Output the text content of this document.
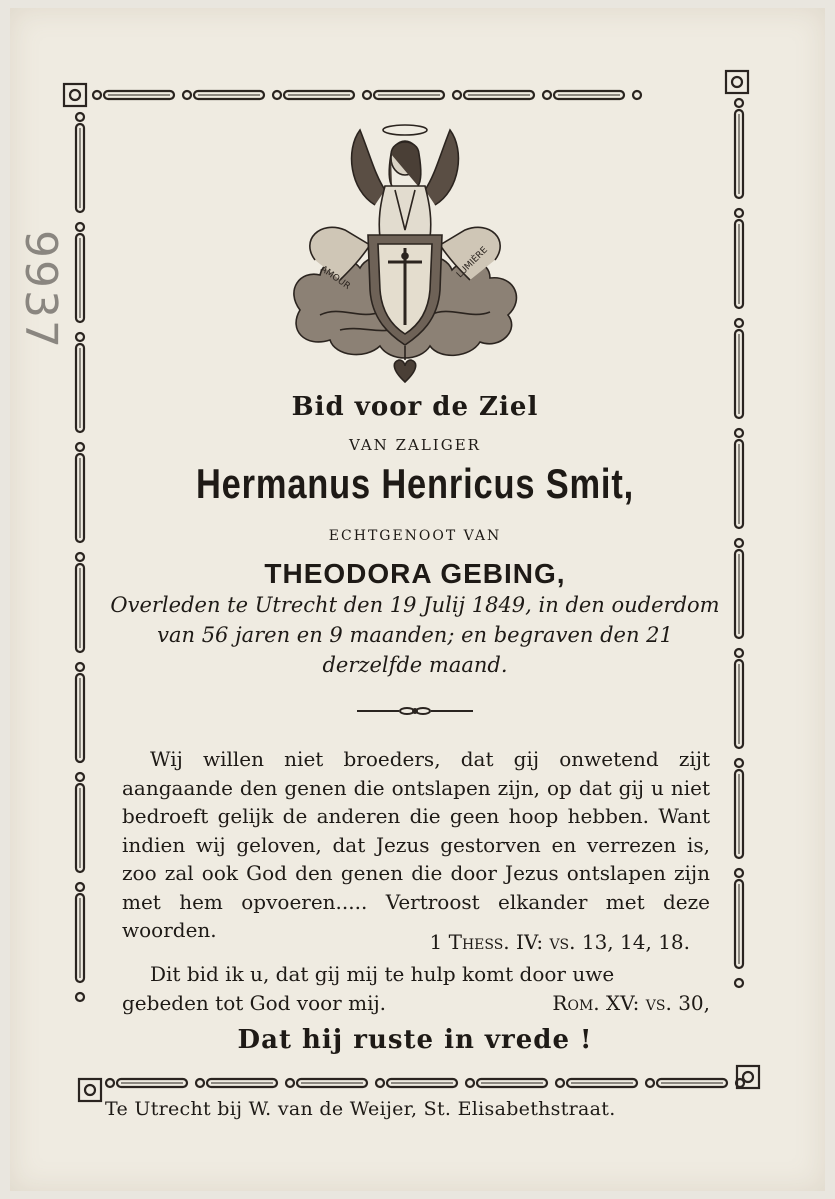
9937	AMOUR	LUMIÈRE
Bid voor de Ziel
VAN ZALIGER
Hermanus Henricus Smit,
ECHTGENOOT VAN
THEODORA GEBING,
Overleden te Utrecht den 19 Julij 1849, in den ouderdom van 56 jaren en 9 maanden; en begraven den 21 derzelfde maand.
Wij willen niet broeders, dat gij onwetend zijt aangaande den genen die ontslapen zijn, op dat gij u niet bedroeft gelijk de anderen die geen hoop hebben. Want indien wij geloven, dat Jezus gestorven en verrezen is, zoo zal ook God den genen die door Jezus ontslapen zijn met hem opvoeren..... Vertroost elkander met deze woorden.	1 Thess. IV: vs. 13, 14, 18.
Dit bid ik u, dat gij mij te hulp komt door uwe
gebeden tot God voor mij.	Rom. XV: vs. 30,
Dat hij ruste in vrede !
Te Utrecht bij W. van de Weijer, St. Elisabethstraat.
